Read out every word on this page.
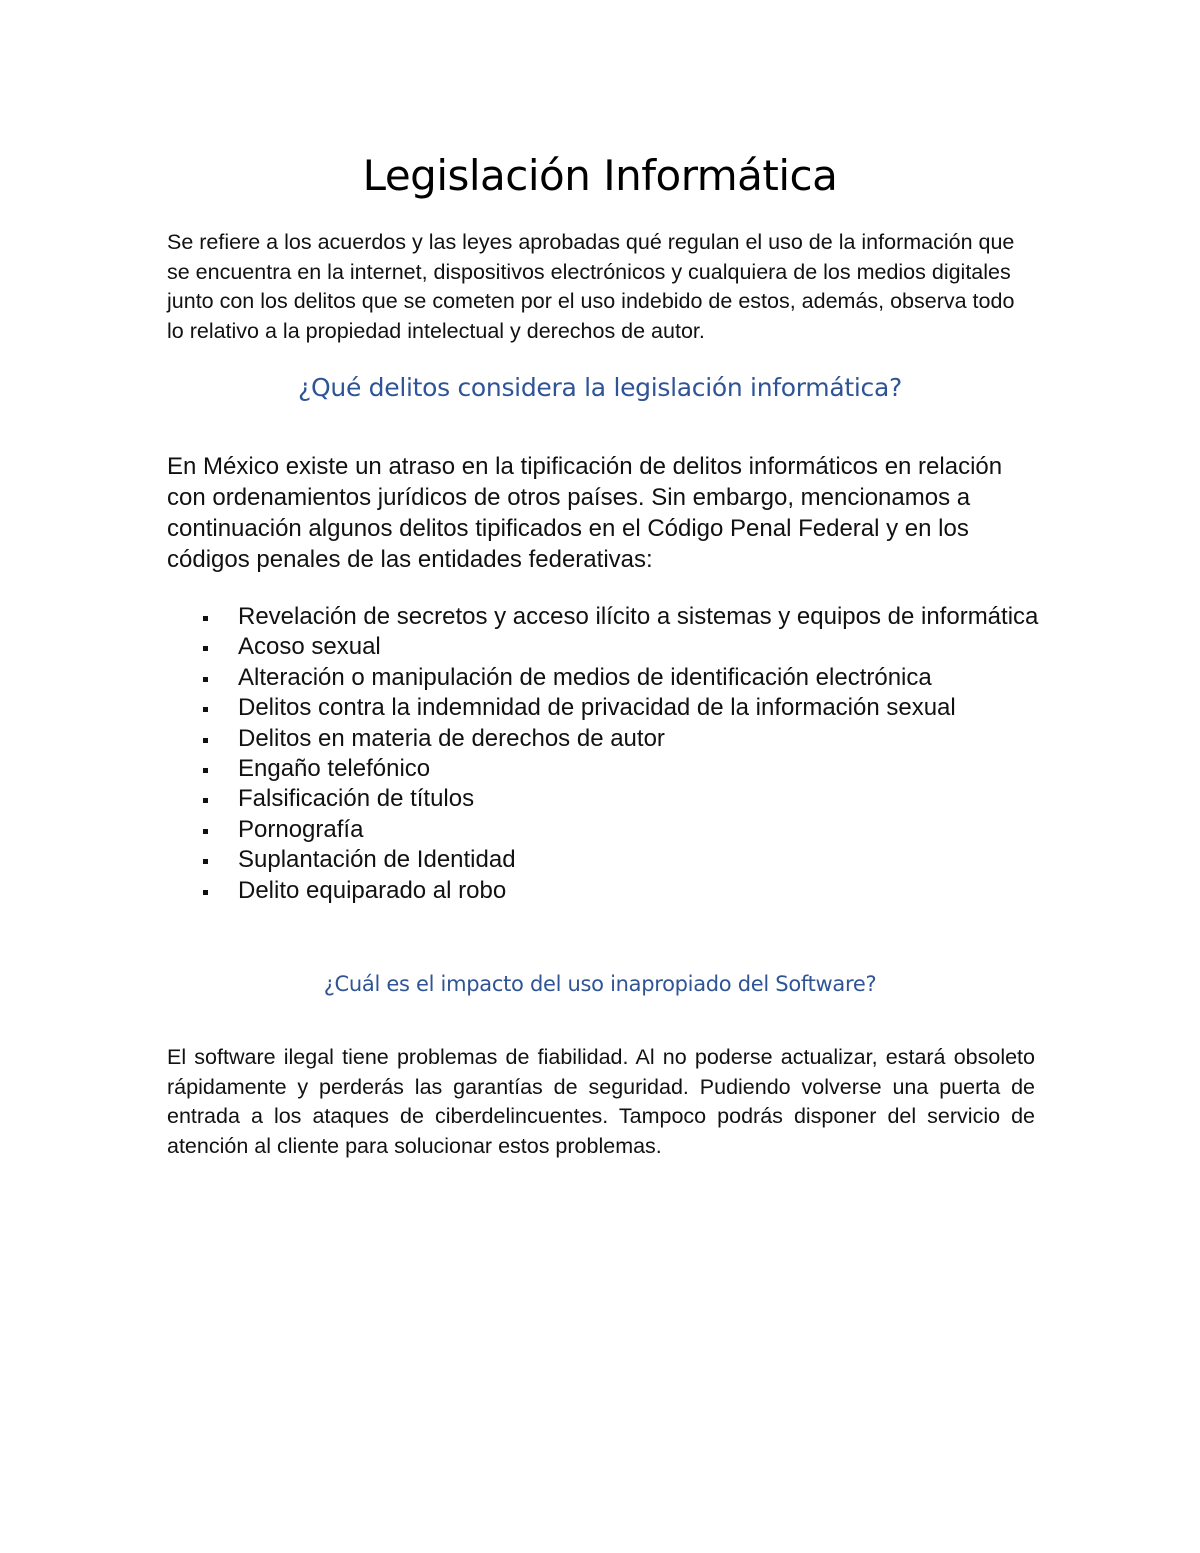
Legislación Informática

Se refiere a los acuerdos y las leyes aprobadas qué regulan el uso de la información que se encuentra en la internet, dispositivos electrónicos y cualquiera de los medios digitales junto con los delitos que se cometen por el uso indebido de estos, además, observa todo lo relativo a la propiedad intelectual y derechos de autor.

¿Qué delitos considera la legislación informática?

En México existe un atraso en la tipificación de delitos informáticos en relación con ordenamientos jurídicos de otros países. Sin embargo, mencionamos a continuación algunos delitos tipificados en el Código Penal Federal y en los códigos penales de las entidades federativas:

Revelación de secretos y acceso ilícito a sistemas y equipos de informática
Acoso sexual
Alteración o manipulación de medios de identificación electrónica
Delitos contra la indemnidad de privacidad de la información sexual
Delitos en materia de derechos de autor
Engaño telefónico
Falsificación de títulos
Pornografía
Suplantación de Identidad
Delito equiparado al robo
¿Cuál es el impacto del uso inapropiado del Software?

El software ilegal tiene problemas de fiabilidad. Al no poderse actualizar, estará obsoleto rápidamente y perderás las garantías de seguridad. Pudiendo volverse una puerta de entrada a los ataques de ciberdelincuentes. Tampoco podrás disponer del servicio de atención al cliente para solucionar estos problemas.
